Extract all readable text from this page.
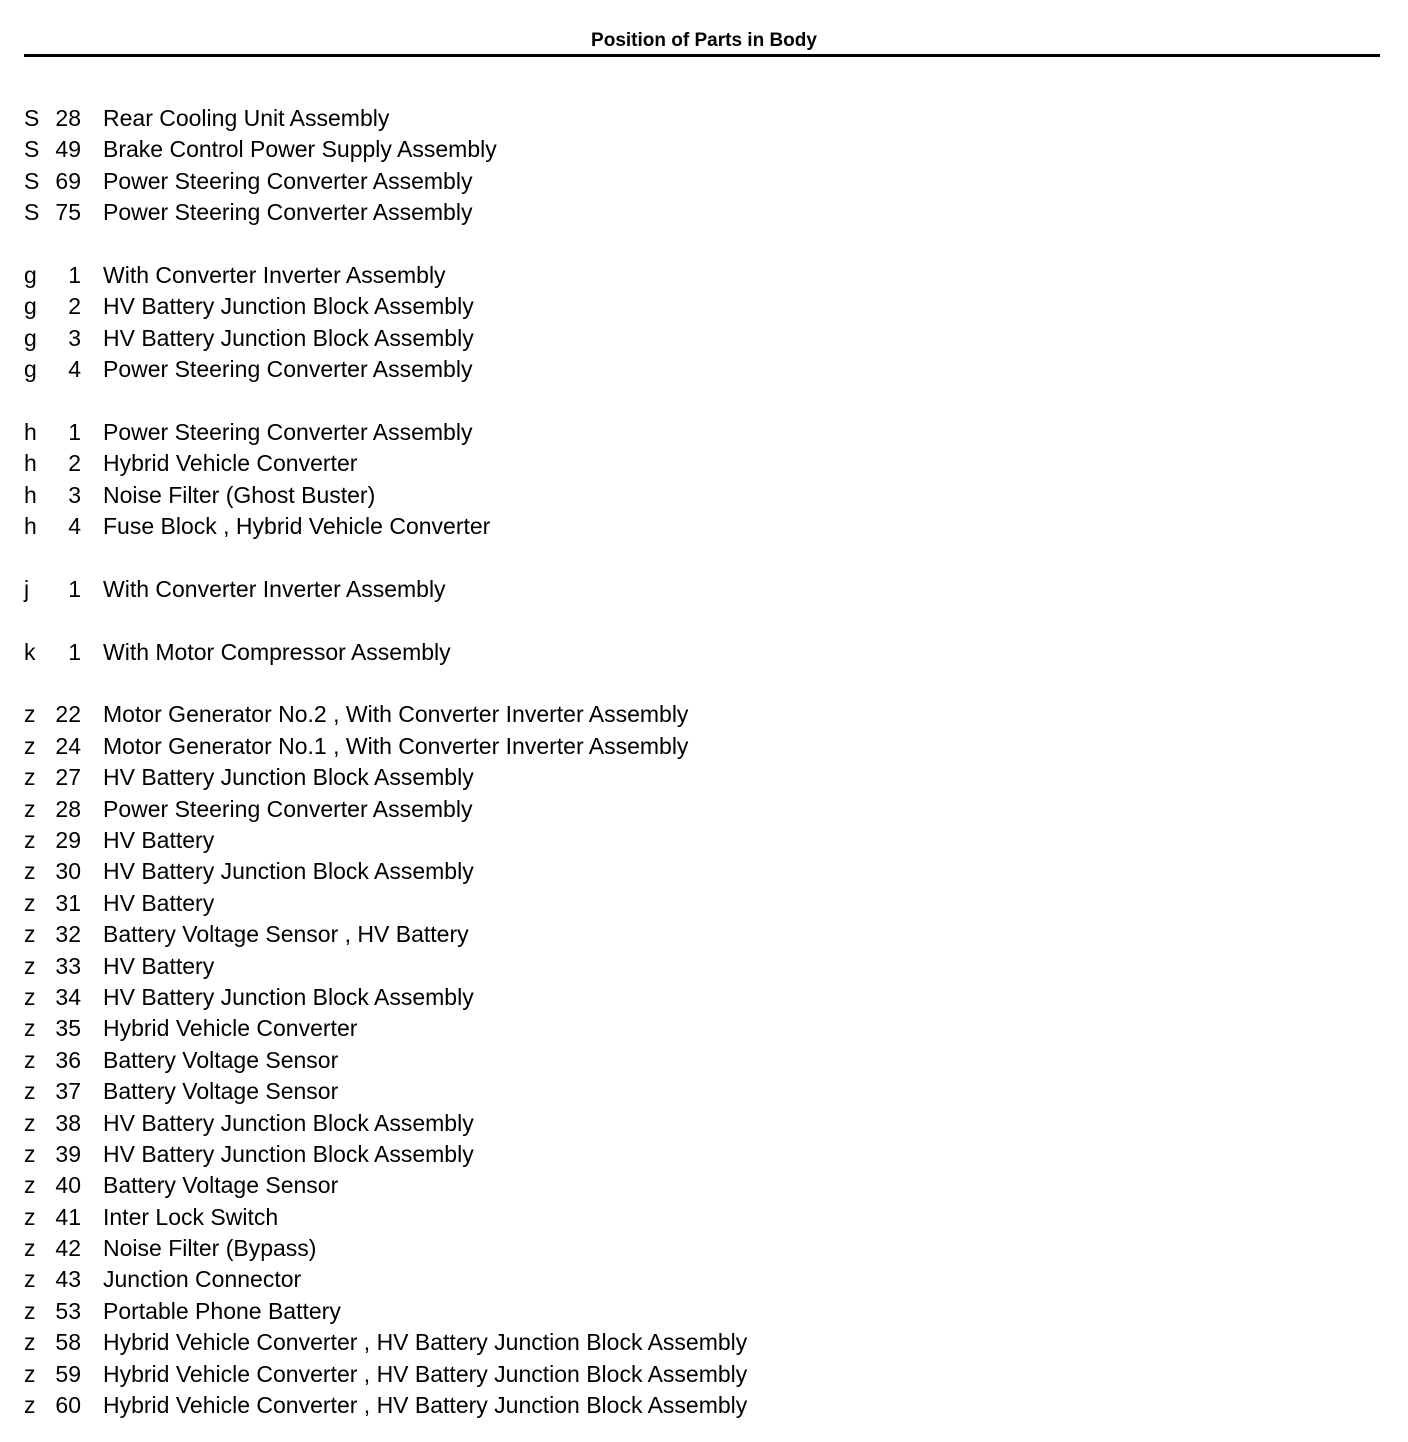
Position of Parts in Body
S 28 Rear Cooling Unit Assembly
S 49 Brake Control Power Supply Assembly
S 69 Power Steering Converter Assembly
S 75 Power Steering Converter Assembly
g	1 With Converter Inverter Assembly
g	2 HV Battery Junction Block Assembly
g	3 HV Battery Junction Block Assembly
g	4 Power Steering Converter Assembly
h	1 Power Steering Converter Assembly
h	2 Hybrid Vehicle Converter
h	3 Noise Filter (Ghost Buster)
h	4 Fuse Block , Hybrid Vehicle Converter
j	1 With Converter Inverter Assembly
k	1 With Motor Compressor Assembly
z 22 Motor Generator No.2 , With Converter Inverter Assembly
z 24 Motor Generator No.1 , With Converter Inverter Assembly
z 27 HV Battery Junction Block Assembly
z 28 Power Steering Converter Assembly
z 29 HV Battery
z 30 HV Battery Junction Block Assembly
z 31 HV Battery
z 32 Battery Voltage Sensor , HV Battery
z 33 HV Battery
z 34 HV Battery Junction Block Assembly
z 35 Hybrid Vehicle Converter
z 36 Battery Voltage Sensor
z 37 Battery Voltage Sensor
z 38 HV Battery Junction Block Assembly
z 39 HV Battery Junction Block Assembly
z 40 Battery Voltage Sensor
z 41 Inter Lock Switch
z 42 Noise Filter (Bypass)
z 43 Junction Connector
z 53 Portable Phone Battery
z 58 Hybrid Vehicle Converter , HV Battery Junction Block Assembly
z 59 Hybrid Vehicle Converter , HV Battery Junction Block Assembly
z 60 Hybrid Vehicle Converter , HV Battery Junction Block Assembly
